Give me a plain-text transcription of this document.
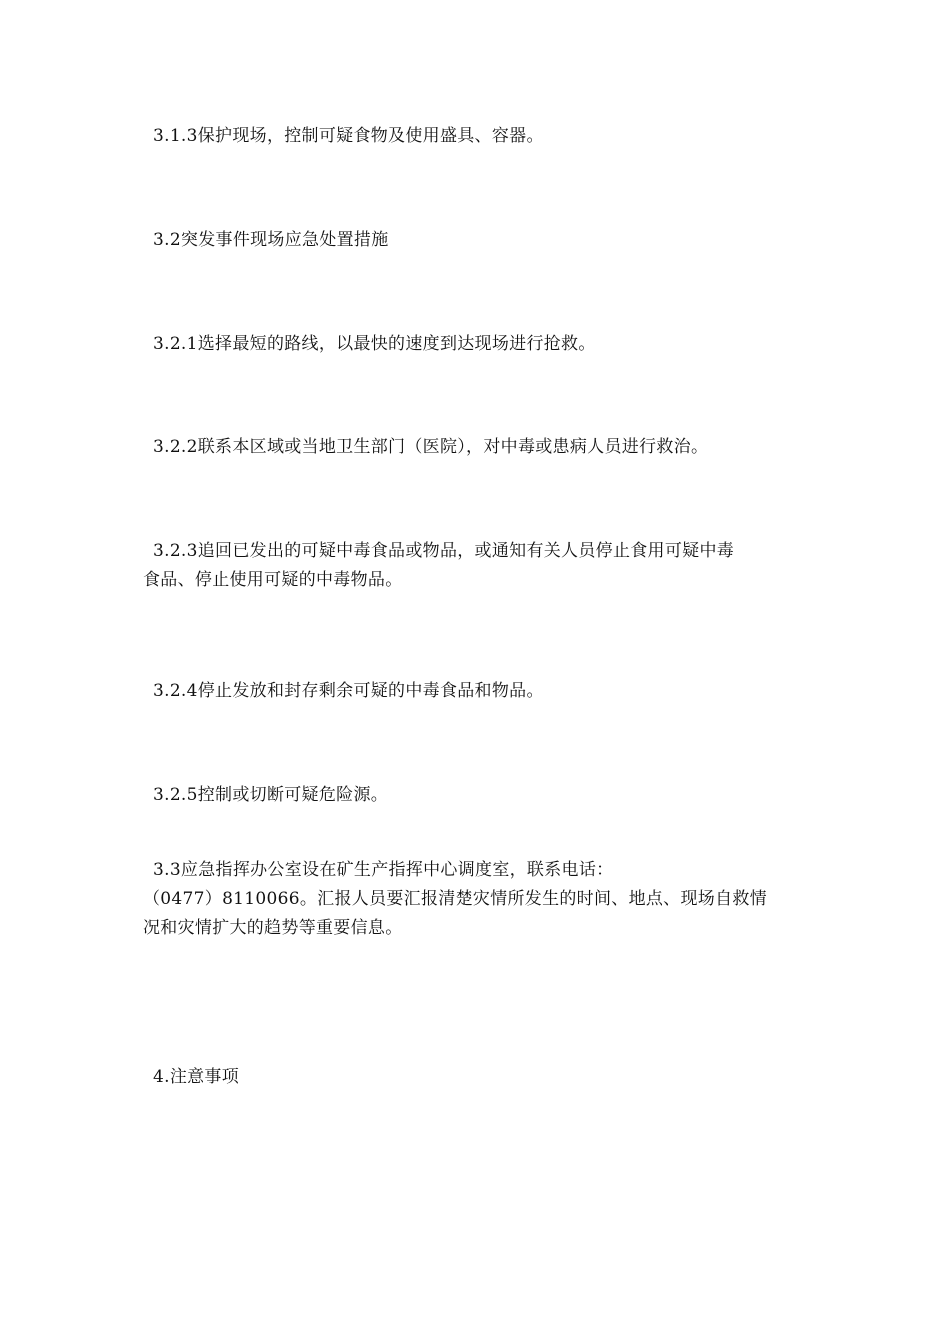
3.1.3保护现场，控制可疑食物及使用盛具、容器。
3.2突发事件现场应急处置措施
3.2.1选择最短的路线，以最快的速度到达现场进行抢救。
3.2.2联系本区域或当地卫生部门（医院），对中毒或患病人员进行救治。
3.2.3追回已发出的可疑中毒食品或物品，或通知有关人员停止食用可疑中毒
食品、停止使用可疑的中毒物品。
3.2.4停止发放和封存剩余可疑的中毒食品和物品。
3.2.5控制或切断可疑危险源。
3.3应急指挥办公室设在矿生产指挥中心调度室，联系电话：
（0477）8110066。汇报人员要汇报清楚灾情所发生的时间、地点、现场自救情
况和灾情扩大的趋势等重要信息。
4.注意事项
